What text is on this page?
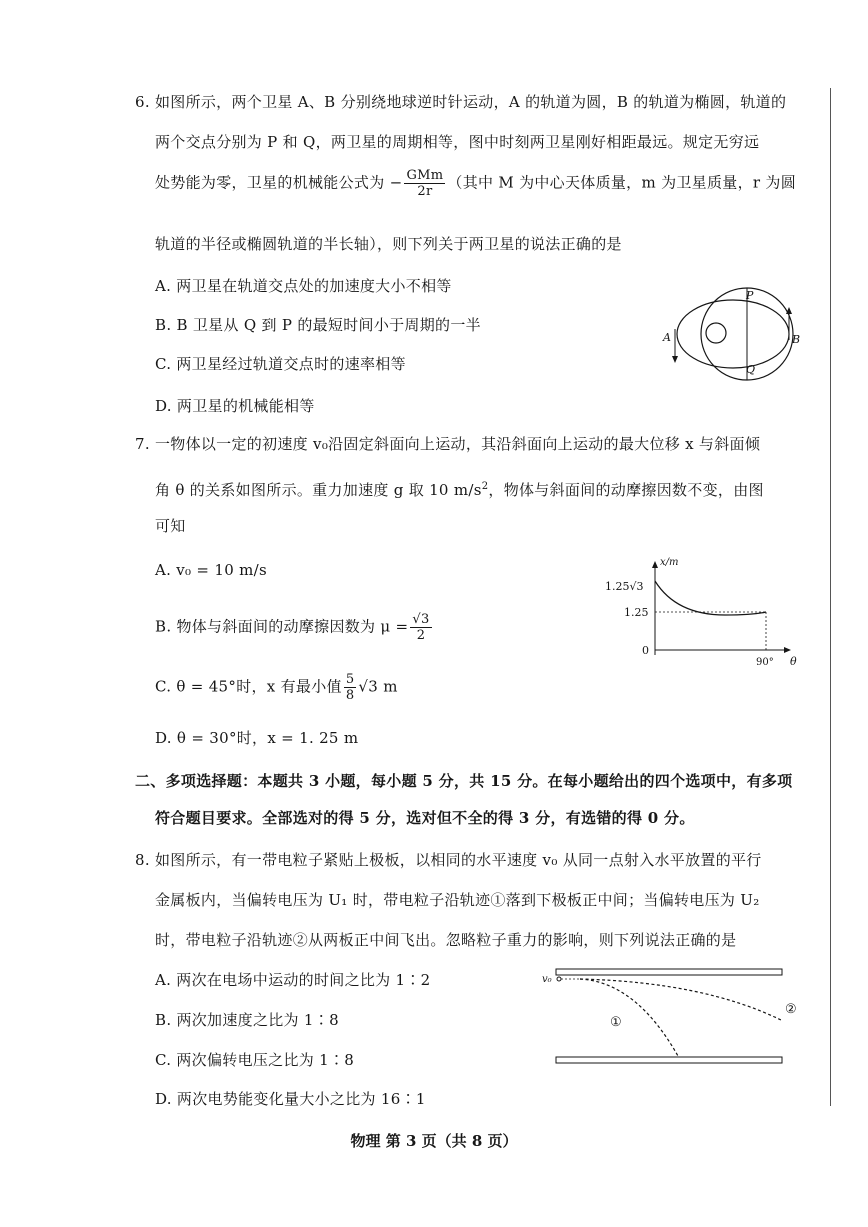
6. 如图所示，两个卫星 A、B 分别绕地球逆时针运动，A 的轨道为圆，B 的轨道为椭圆，轨道的
两个交点分别为 P 和 Q，两卫星的周期相等，图中时刻两卫星刚好相距最远。规定无穷远
处势能为零，卫星的机械能公式为 − $\frac{\text{GMm}}{2r}$ （其中 M 为中心天体质量，m 为卫星质量，r 为圆
轨道的半径或椭圆轨道的半长轴），则下列关于两卫星的说法正确的是
A. 两卫星在轨道交点处的加速度大小不相等
B. B 卫星从 Q 到 P 的最短时间小于周期的一半
C. 两卫星经过轨道交点时的速率相等
D. 两卫星的机械能相等
P
Q
A	B
7. 一物体以一定的初速度 v₀沿固定斜面向上运动，其沿斜面向上运动的最大位移 x 与斜面倾
角 θ 的关系如图所示。重力加速度 g 取 10 $m/s^2$，物体与斜面间的动摩擦因数不变，由图
可知
A. v₀ = 10 m/s
B. 物体与斜面间的动摩擦因数为 $\mu = \frac{√3}{2}$
C. θ = 45°时，x 有最小值 $\frac{5}{8} √3$ m
D. θ = 30°时，x = 1. 25 m
x/m
1.25√3
1.25
0
90° θ
二、多项选择题：本题共 3 小题，每小题 5 分，共 15 分。在每小题给出的四个选项中，有多项
符合题目要求。全部选对的得 5 分，选对但不全的得 3 分，有选错的得 0 分。
8. 如图所示，有一带电粒子紧贴上极板，以相同的水平速度 v₀ 从同一点射入水平放置的平行
金属板内，当偏转电压为 U₁ 时，带电粒子沿轨迹①落到下极板正中间；当偏转电压为 U₂
时，带电粒子沿轨迹②从两板正中间飞出。忽略粒子重力的影响，则下列说法正确的是
A. 两次在电场中运动的时间之比为 1∶2
B. 两次加速度之比为 1∶8
C. 两次偏转电压之比为 1∶8
D. 两次电势能变化量大小之比为 16∶1
v₀
①
②
物理 第 3 页（共 8 页）
